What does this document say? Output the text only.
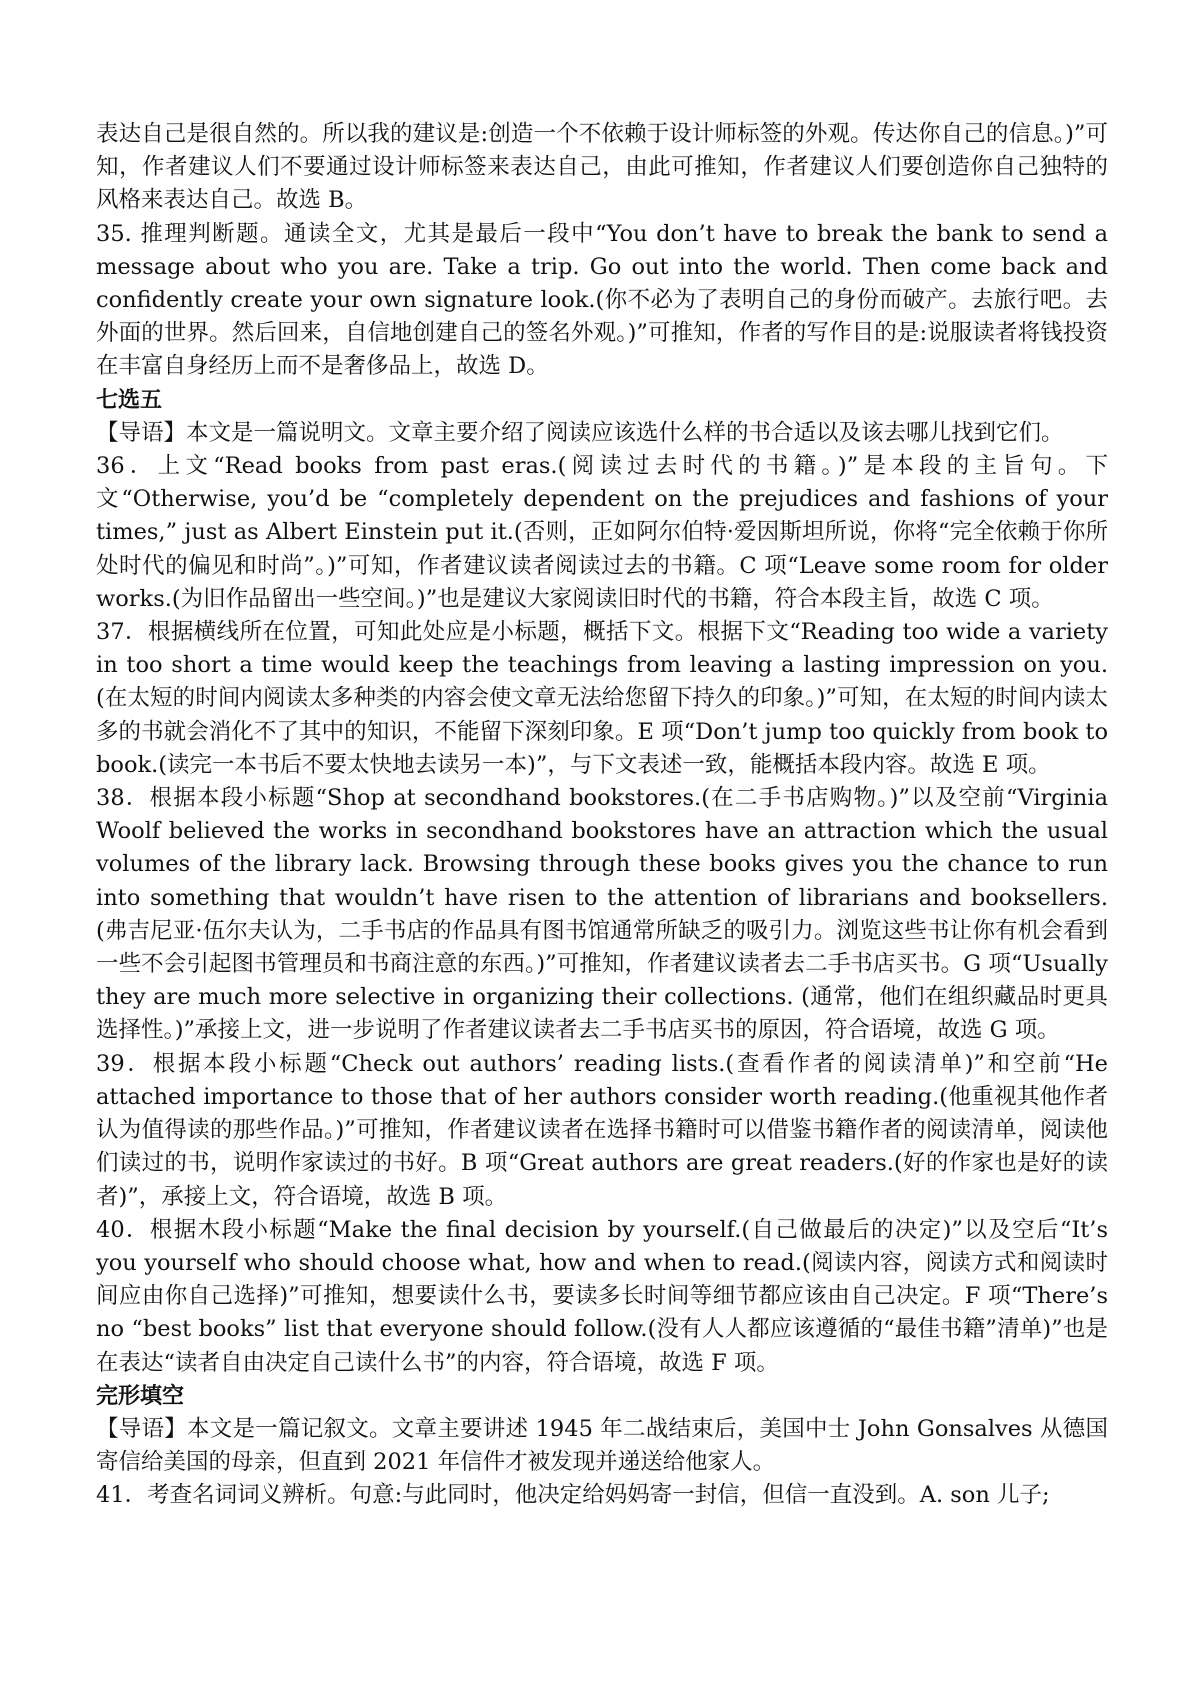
表达自己是很自然的。所以我的建议是:创造一个不依赖于设计师标签的外观。传达你自己的信息。)”可知，作者建议人们不要通过设计师标签来表达自己，由此可推知，作者建议人们要创造你自己独特的风格来表达自己。故选 B。

35. 推理判断题。通读全文，尤其是最后一段中“You don’t have to break the bank to send a message about who you are. Take a trip. Go out into the world. Then come back and confidently create your own signature look.(你不必为了表明自己的身份而破产。去旅行吧。去外面的世界。然后回来，自信地创建自己的签名外观。)”可推知，作者的写作目的是:说服读者将钱投资在丰富自身经历上而不是奢侈品上，故选 D。

七选五

【导语】本文是一篇说明文。文章主要介绍了阅读应该选什么样的书合适以及该去哪儿找到它们。

36．上文“Read books from past eras.(阅读过去时代的书籍。)”是本段的主旨句。下文“Otherwise, you’d be “completely dependent on the prejudices and fashions of your times,” just as Albert Einstein put it.(否则，正如阿尔伯特·爱因斯坦所说，你将“完全依赖于你所处时代的偏见和时尚”。)”可知，作者建议读者阅读过去的书籍。C 项“Leave some room for older works.(为旧作品留出一些空间。)”也是建议大家阅读旧时代的书籍，符合本段主旨，故选 C 项。

37．根据横线所在位置，可知此处应是小标题，概括下文。根据下文“Reading too wide a variety in too short a time would keep the teachings from leaving a lasting impression on you.(在太短的时间内阅读太多种类的内容会使文章无法给您留下持久的印象。)”可知，在太短的时间内读太多的书就会消化不了其中的知识，不能留下深刻印象。E 项“Don’t jump too quickly from book to book.(读完一本书后不要太快地去读另一本)”，与下文表述一致，能概括本段内容。故选 E 项。

38．根据本段小标题“Shop at secondhand bookstores.(在二手书店购物。)”以及空前“Virginia Woolf believed the works in secondhand bookstores have an attraction which the usual volumes of the library lack. Browsing through these books gives you the chance to run into something that wouldn’t have risen to the attention of librarians and booksellers.(弗吉尼亚·伍尔夫认为，二手书店的作品具有图书馆通常所缺乏的吸引力。浏览这些书让你有机会看到一些不会引起图书管理员和书商注意的东西。)”可推知，作者建议读者去二手书店买书。G 项“Usually they are much more selective in organizing their collections. (通常，他们在组织藏品时更具选择性。)”承接上文，进一步说明了作者建议读者去二手书店买书的原因，符合语境，故选 G 项。

39．根据本段小标题“Check out authors’ reading lists.(查看作者的阅读清单)”和空前“He attached importance to those that of her authors consider worth reading.(他重视其他作者认为值得读的那些作品。)”可推知，作者建议读者在选择书籍时可以借鉴书籍作者的阅读清单，阅读他们读过的书，说明作家读过的书好。B 项“Great authors are great readers.(好的作家也是好的读者)”，承接上文，符合语境，故选 B 项。

40．根据木段小标题“Make the final decision by yourself.(自己做最后的决定)”以及空后“It’s you yourself who should choose what, how and when to read.(阅读内容，阅读方式和阅读时间应由你自己选择)”可推知，想要读什么书，要读多长时间等细节都应该由自己决定。F 项“There’s no “best books” list that everyone should follow.(没有人人都应该遵循的“最佳书籍”清单)”也是在表达“读者自由决定自己读什么书”的内容，符合语境，故选 F 项。

完形填空

【导语】本文是一篇记叙文。文章主要讲述 1945 年二战结束后，美国中士 John Gonsalves 从德国寄信给美国的母亲，但直到 2021 年信件才被发现并递送给他家人。

41．考查名词词义辨析。句意:与此同时，他决定给妈妈寄一封信，但信一直没到。A. son 儿子;
